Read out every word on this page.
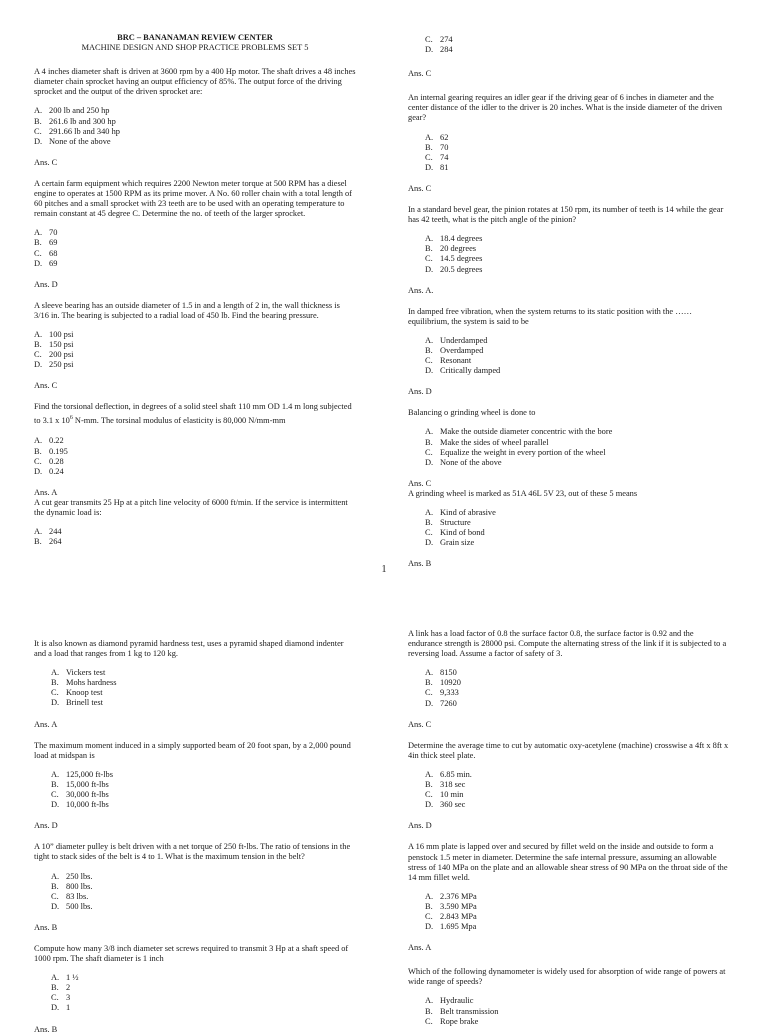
BRC – BANANAMAN REVIEW CENTER
MACHINE DESIGN AND SHOP PRACTICE PROBLEMS SET 5

A 4 inches diameter shaft is driven at 3600 rpm by a 400 Hp motor. The shaft drives a 48 inches diameter chain sprocket having an output efficiency of 85%. The output force of the driving sprocket and the output of the driven sprocket are:

A. 200 lb and 250 hp
B. 261.6 lb and 300 hp
C. 291.66 lb and 340 hp
D. None of the above

Ans. C

A certain farm equipment which requires 2200 Newton meter torque at 500 RPM has a diesel engine to operates at 1500 RPM as its prime mover. A No. 60 roller chain with a total length of 60 pitches and a small sprocket with 23 teeth are to be used with an operating temperature to remain constant at 45 degree C. Determine the no. of teeth of the larger sprocket.

A. 70
B. 69
C. 68
D. 69

Ans. D

A sleeve bearing has an outside diameter of 1.5 in and a length of 2 in, the wall thickness is 3/16 in. The bearing is subjected to a radial load of 450 lb. Find the bearing pressure.

A. 100 psi
B. 150 psi
C. 200 psi
D. 250 psi

Ans. C

Find the torsional deflection, in degrees of a solid steel shaft 110 mm OD 1.4 m long subjected to 3.1 x $10^6$ N-mm. The torsinal modulus of elasticity is 80,000 N/mm-mm

A. 0.22
B. 0.195
C. 0.28
D. 0.24

Ans. A

A cut gear transmits 25 Hp at a pitch line velocity of 6000 ft/min. If the service is intermittent the dynamic load is:

A. 244
B. 264
C. 274
D. 284

Ans. C

An internal gearing requires an idler gear if the driving gear of 6 inches in diameter and the center distance of the idler to the driver is 20 inches. What is the inside diameter of the driven gear?

A. 62
B. 70
C. 74
D. 81

Ans. C

In a standard bevel gear, the pinion rotates at 150 rpm, its number of teeth is 14 while the gear has 42 teeth, what is the pitch angle of the pinion?

A. 18.4 degrees
B. 20 degrees
C. 14.5 degrees
D. 20.5 degrees

Ans. A.

In damped free vibration, when the system returns to its static position with the …… equilibrium, the system is said to be

A. Underdamped
B. Overdamped
C. Resonant
D. Critically damped

Ans. D

Balancing o grinding wheel is done to

A. Make the outside diameter concentric with the bore
B. Make the sides of wheel parallel
C. Equalize the weight in every portion of the wheel
D. None of the above

Ans. C

A grinding wheel is marked as 51A 46L 5V 23, out of these 5 means

A. Kind of abrasive
B. Structure
C. Kind of bond
D. Grain size

Ans. B

1

It is also known as diamond pyramid hardness test, uses a pyramid shaped diamond indenter and a load that ranges from 1 kg to 120 kg.

A. Vickers test
B. Mohs hardness
C. Knoop test
D. Brinell test

Ans. A

The maximum moment induced in a simply supported beam of 20 foot span, by a 2,000 pound load at midspan is

A. 125,000 ft-lbs
B. 15,000 ft-lbs
C. 30,000 ft-lbs
D. 10,000 ft-lbs

Ans. D

A 10” diameter pulley is belt driven with a net torque of 250 ft-lbs. The ratio of tensions in the tight to stack sides of the belt is 4 to 1. What is the maximum tension in the belt?

A. 250 lbs.
B. 800 lbs.
C. 83 lbs.
D. 500 lbs.

Ans. B

Compute how many 3/8 inch diameter set screws required to transmit 3 Hp at a shaft speed of 1000 rpm. The shaft diameter is 1 inch

A. 1 ½
B. 2
C. 3
D. 1

Ans. B

A link has a load factor of 0.8 the surface factor 0.8, the surface factor is 0.92 and the endurance strength is 28000 psi. Compute the alternating stress of the link if it is subjected to a reversing load. Assume a factor of safety of 3.

A. 8150
B. 10920
C. 9,333
D. 7260

Ans. C

Determine the average time to cut by automatic oxy-acetylene (machine) crosswise a 4ft x 8ft x 4in thick steel plate.

A. 6.85 min.
B. 318 sec
C. 10 min
D. 360 sec

Ans. D

A 16 mm plate is lapped over and secured by fillet weld on the inside and outside to form a penstock 1.5 meter in diameter. Determine the safe internal pressure, assuming an allowable stress of 140 MPa on the plate and an allowable shear stress of 90 MPa on the throat side of the 14 mm fillet weld.

A. 2.376 MPa
B. 3.590 MPa
C. 2.843 MPa
D. 1.695 Mpa

Ans. A

Which of the following dynamometer is widely used for absorption of wide range of powers at wide range of speeds?

A. Hydraulic
B. Belt transmission
C. Rope brake
